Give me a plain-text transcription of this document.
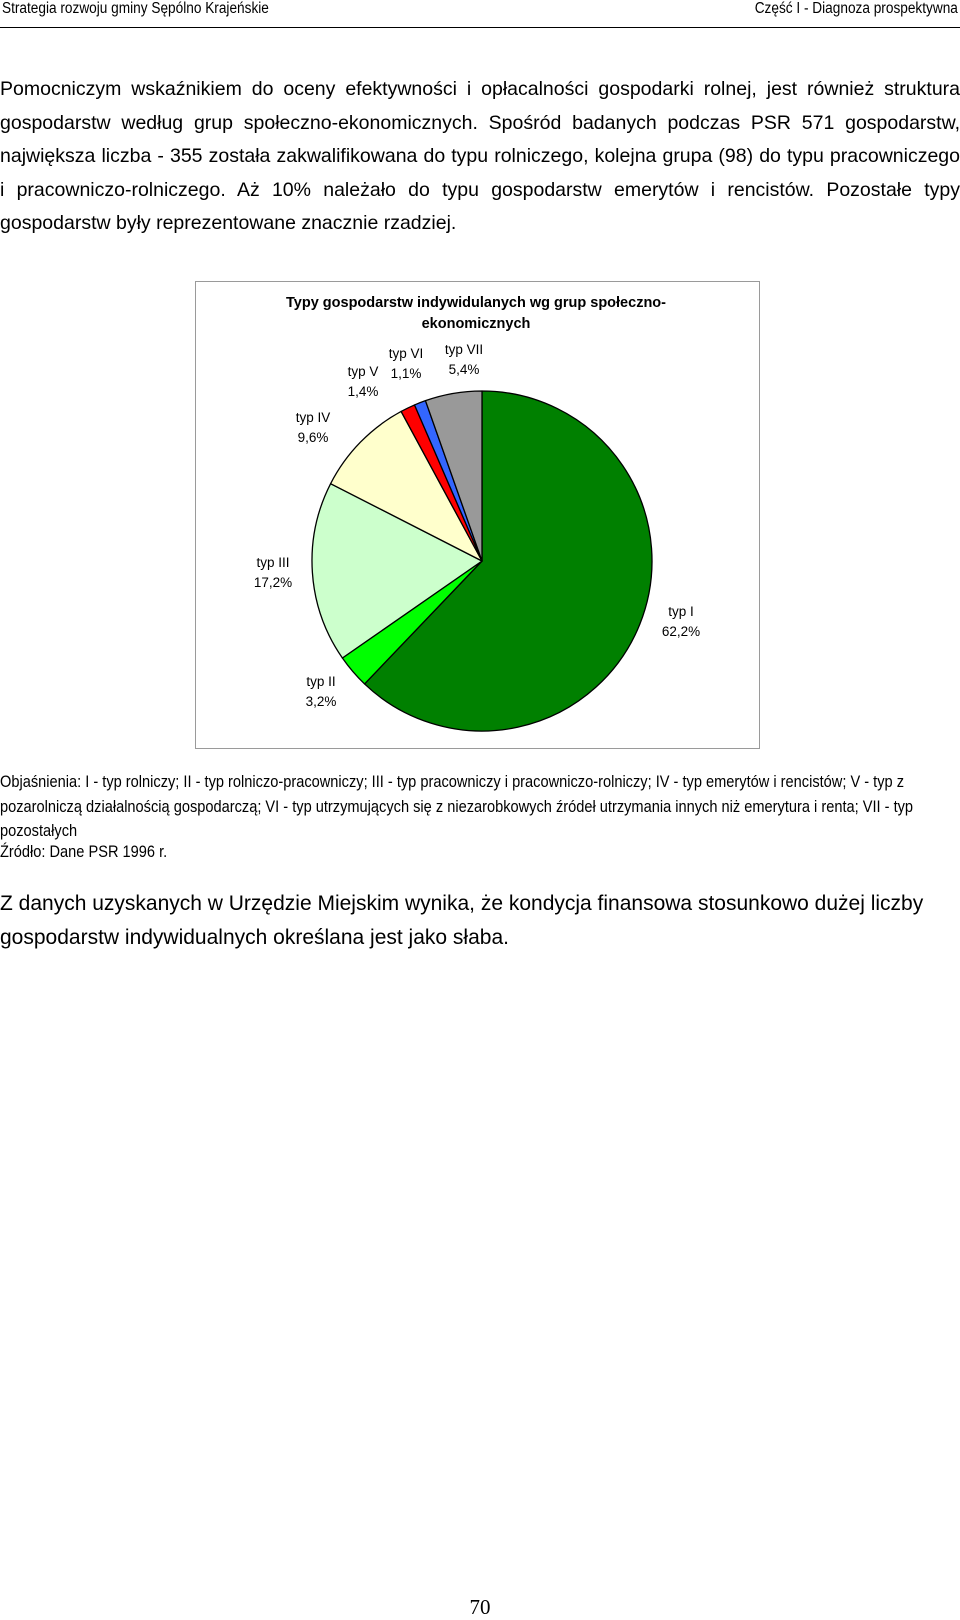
Strategia rozwoju gminy Sępólno Krajeńskie	Część I - Diagnoza prospektywna

Pomocniczym wskaźnikiem do oceny efektywności i opłacalności gospodarki rolnej, jest również struktura gospodarstw według grup społeczno-ekonomicznych. Spośród badanych podczas PSR 571 gospodarstw, największa liczba - 355 została zakwalifikowana do typu rolniczego, kolejna grupa (98) do typu pracowniczego i pracowniczo-rolniczego. Aż 10% należało do typu gospodarstw emerytów i rencistów. Pozostałe typy gospodarstw były reprezentowane znacznie rzadziej.

Typy gospodarstw indywidulanych wg grup społeczno-
ekonomicznych
typ I
62,2%
typ II
3,2%
typ III
17,2%
typ IV
9,6%
typ V
1,4%
typ VI
1,1%
typ VII
5,4%

Objaśnienia: I - typ rolniczy; II - typ rolniczo-pracowniczy; III - typ pracowniczy i pracowniczo-rolniczy; IV - typ emerytów i rencistów; V - typ z pozarolniczą działalnością gospodarczą; VI - typ utrzymujących się z niezarobkowych źródeł utrzymania innych niż emerytura i renta; VII - typ pozostałych

Źródło: Dane PSR 1996 r.

Z danych uzyskanych w Urzędzie Miejskim wynika, że kondycja finansowa stosunkowo dużej liczby gospodarstw indywidualnych określana jest jako słaba.

70
